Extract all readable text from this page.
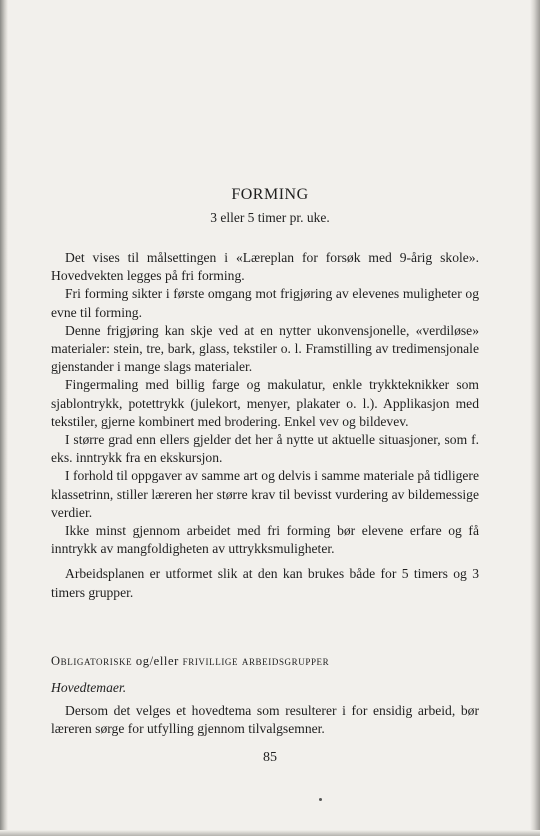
FORMING
3 eller 5 timer pr. uke.

Det vises til målsettingen i «Læreplan for forsøk med 9-årig skole». Hovedvekten legges på fri forming.

Fri forming sikter i første omgang mot frigjøring av elevenes muligheter og evne til forming.

Denne frigjøring kan skje ved at en nytter ukonvensjonelle, «verdiløse» materialer: stein, tre, bark, glass, tekstiler o. l. Framstilling av tredimensjonale gjenstander i mange slags materialer.

Fingermaling med billig farge og makulatur, enkle trykkteknikker som sjablontrykk, potettrykk (julekort, menyer, plakater o. l.). Applikasjon med tekstiler, gjerne kombinert med brodering. Enkel vev og bildevev.

I større grad enn ellers gjelder det her å nytte ut aktuelle situasjoner, som f. eks. inntrykk fra en ekskursjon.

I forhold til oppgaver av samme art og delvis i samme materiale på tidligere klassetrinn, stiller læreren her større krav til bevisst vurdering av bildemessige verdier.

Ikke minst gjennom arbeidet med fri forming bør elevene erfare og få inntrykk av mangfoldigheten av uttrykksmuligheter.

Arbeidsplanen er utformet slik at den kan brukes både for 5 timers og 3 timers grupper.

Obligatoriske og/eller frivillige arbeidsgrupper
Hovedtemaer.

Dersom det velges et hovedtema som resulterer i for ensidig arbeid, bør læreren sørge for utfylling gjennom tilvalgsemner.

85
